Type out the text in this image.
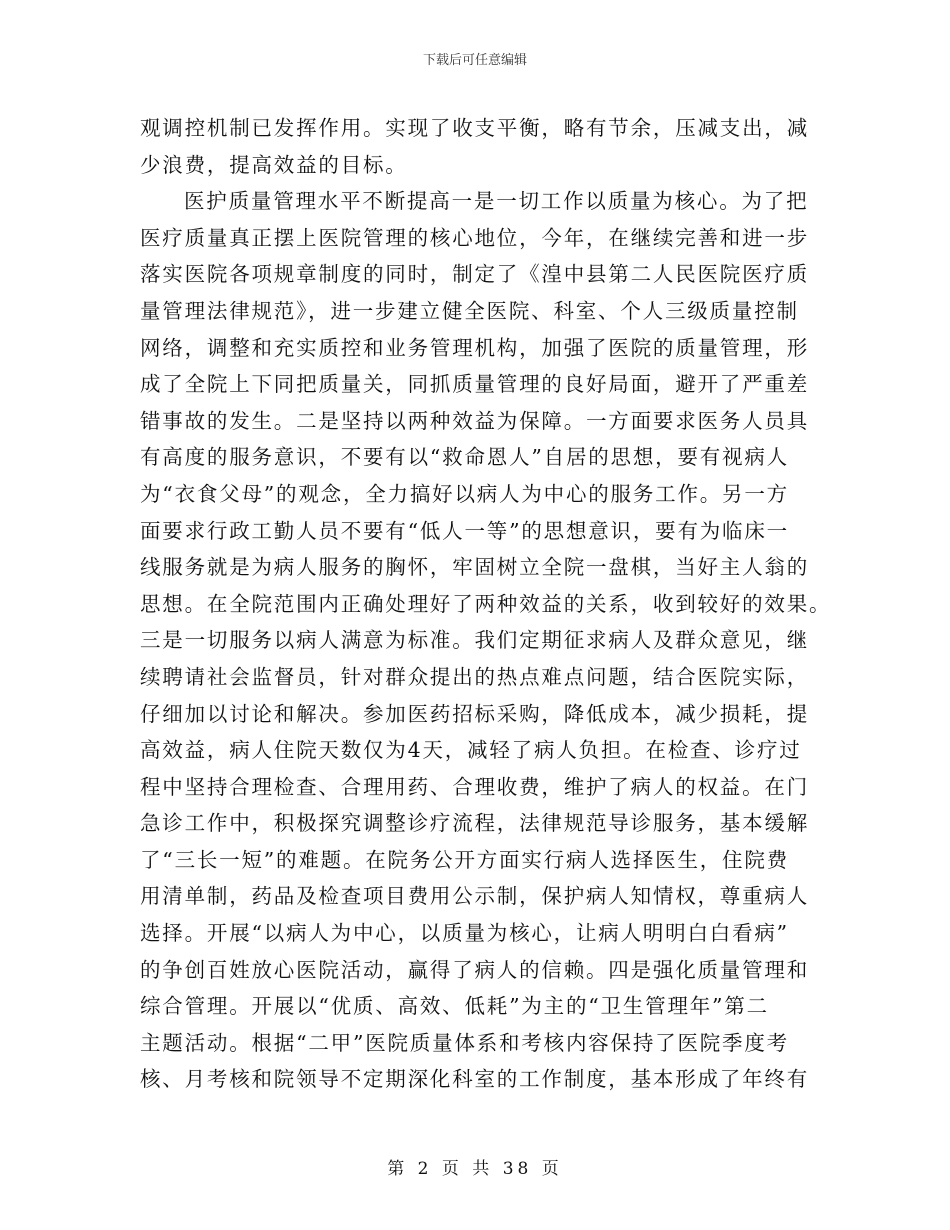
下载后可任意编辑
观调控机制已发挥作用。实现了收支平衡，略有节余，压减支出，减
少浪费，提高效益的目标。
医护质量管理水平不断提高一是一切工作以质量为核心。为了把
医疗质量真正摆上医院管理的核心地位，今年，在继续完善和进一步
落实医院各项规章制度的同时，制定了《湟中县第二人民医院医疗质
量管理法律规范》，进一步建立健全医院、科室、个人三级质量控制
网络，调整和充实质控和业务管理机构，加强了医院的质量管理，形
成了全院上下同把质量关，同抓质量管理的良好局面，避开了严重差
错事故的发生。二是坚持以两种效益为保障。一方面要求医务人员具
有高度的服务意识，不要有以“救命恩人”自居的思想，要有视病人
为“衣食父母”的观念，全力搞好以病人为中心的服务工作。另一方
面要求行政工勤人员不要有“低人一等”的思想意识，要有为临床一
线服务就是为病人服务的胸怀，牢固树立全院一盘棋，当好主人翁的
思想。在全院范围内正确处理好了两种效益的关系，收到较好的效果。
三是一切服务以病人满意为标准。我们定期征求病人及群众意见，继
续聘请社会监督员，针对群众提出的热点难点问题，结合医院实际，
仔细加以讨论和解决。参加医药招标采购，降低成本，减少损耗，提
高效益，病人住院天数仅为4天，减轻了病人负担。在检查、诊疗过
程中坚持合理检查、合理用药、合理收费，维护了病人的权益。在门
急诊工作中，积极探究调整诊疗流程，法律规范导诊服务，基本缓解
了“三长一短”的难题。在院务公开方面实行病人选择医生，住院费
用清单制，药品及检查项目费用公示制，保护病人知情权，尊重病人
选择。开展“以病人为中心，以质量为核心，让病人明明白白看病”
的争创百姓放心医院活动，赢得了病人的信赖。四是强化质量管理和
综合管理。开展以“优质、高效、低耗”为主的“卫生管理年”第二
主题活动。根据“二甲”医院质量体系和考核内容保持了医院季度考
核、月考核和院领导不定期深化科室的工作制度，基本形成了年终有
第 2 页 共 38 页
